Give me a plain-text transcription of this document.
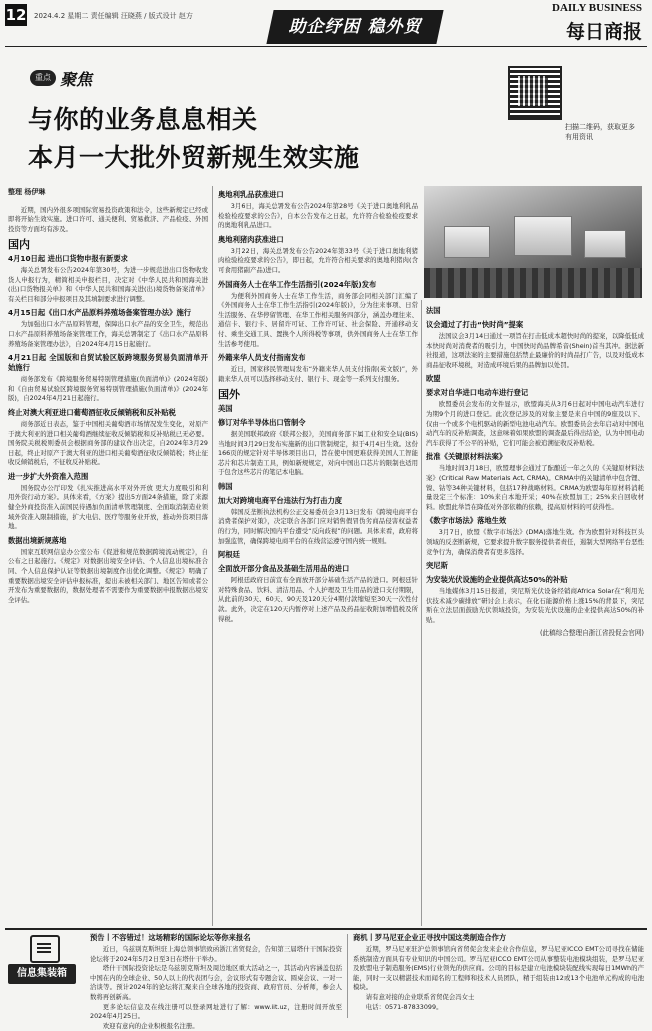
12 2024.4.2 星期二 责任编辑 汪晓燕 / 版式设计 赵方
助企纾困 稳外贸
DAILY BUSINESS
每日商报
重点 聚焦
与你的业务息息相关
本月一大批外贸新规生效实施
扫描二维码，获取更多有用资讯
整理 杨伊琳

近期，国内外很多项国际贸易投资政策和法令，这些新规定已经或即将开始生效实施。进口许可、通关便利、贸易救济、产品检疫、外国投资等方面均有涉及。

国内
4月10日起 进出口货物申报有新要求

海关总署发布公告2024年第30号，为进一步规范进出口货物收发货人申报行为，精简相关申报栏目，决定对《中华人民共和国海关进(出)口货物报关单》和《中华人民共和国海关进(出)境货物备案清单》有关栏目和部分申报项目及其填制要求进行调整。

4月15日起《出口水产品原料养殖场备案管理办法》施行

为加强出口水产品原料管理，保障出口水产品的安全卫生，规范出口水产品原料养殖场备案管理工作，海关总署制定了《出口水产品原料养殖场备案管理办法》，自2024年4月15日起施行。

4月21日起 全国版和自贸试验区版跨境服务贸易负面清单开始施行

商务部发布《跨境服务贸易特别管理措施(负面清单)》(2024年版)和《自由贸易试验区跨境服务贸易特别管理措施(负面清单)》(2024年版)，自2024年4月21日起施行。

终止对澳大利亚进口葡萄酒征收反倾销税和反补贴税

商务部近日表态，鉴于中国相关葡萄酒市场情况发生变化，对原产于澳大利亚的进口相关葡萄酒继续征收反倾销税和反补贴税已无必要。国务院关税税则委员会根据商务部的建议作出决定，自2024年3月29日起，终止对原产于澳大利亚的进口相关葡萄酒征收反倾销税；终止征收反倾销税后，不征收反补贴税。

进一步扩大外资准入范围

国务院办公厅印发《扎实推进高水平对外开放 更大力度吸引和利用外资行动方案》。具体来看，《方案》提出5方面24条措施，除了来源健全外商投资准入前国民待遇加负面清单管理制度、全面取消制造业领域外资准入限制措施，扩大电信、医疗等服务业开放，推动外资项目落地。

数据出境新规落地

国家互联网信息办公室公布《促进和规范数据跨境流动规定》，自公布之日起施行。《规定》对数据出境安全评估、个人信息出境标准合同、个人信息保护认证等数据出境制度作出优化调整。《规定》明确了重要数据出境安全评估申报标准，提出未被相关部门、地区告知或者公开发布为重要数据的，数据处理者不需要作为重要数据申报数据出境安全评估。

奥地利乳品获准进口

3月6日，海关总署发布公告2024年第28号《关于进口奥地利乳品检验检疫要求的公告》，自本公告发布之日起，允许符合检验检疫要求的奥地利乳品进口。

奥地利猪肉获准进口

3月22日，海关总署发布公告2024年第33号《关于进口奥地利猪肉检验检疫要求的公告》，即日起，允许符合相关要求的奥地利猪肉(含可食用猪副产品)进口。

外国商务人士在华工作生活指引(2024年版)发布

为便利外国商务人士在华工作生活，商务部会同相关部门汇编了《外国商务人士在华工作生活指引(2024年版)》，分为往来事项、日常生活服务、在华停留管理、在华工作相关服务四部分，涵盖办理往来、通信卡、银行卡、居留许可证、工作许可证、社会保险、开通移动支付、乘坐交通工具、置换个人所得税等事项，供外国商务人士在华工作生活参考使用。

外籍来华人员支付指南发布

近日，国家移民管理局发布“外籍来华人员支付指南(英文版)”，外籍来华人员可以选择移动支付、银行卡、现金等一系列支付服务。

国外
美国
修订对华半导体出口管制令

据美国联邦政府《联邦公报》，美国商务部下属工业和安全局(BIS)当地时间3月29日发布实施新的出口管制规定，拟于4月4日生效。这份166页的规定针对半导体项目出口，旨在使中国更难获得美国人工智能芯片和芯片制造工具，例如新规规定，对向中国出口芯片的限制也适用于包含这些芯片的笔记本电脑。

韩国
加大对跨境电商平台违法行为打击力度

韩国反垄断执法机构公正交易委员会3月13日发布《跨境电商平台消费者保护对策》，决定联合各部门应对销售假冒伪劣商品侵害权益者的行为，同时解决国内平台遭受“反向歧视”的问题。具体来看，政府将加强监管，确保跨境电商平台的在线营运遵守国内统一规则。

阿根廷
全面放开部分食品及基础生活用品的进口

阿根廷政府日前宣布全面放开部分基础生活产品的进口。阿根廷针对特殊食品、饮料、清洁用品、个人护理及卫生用品的进口支付期限，从此前的30天、60天、90天及120天分4期付款缩短至30天一次性付款。此外，决定在120天内暂停对上述产品及药品征收附加增值税及所得税。

法国
议会通过了打击“快时尚”提案

法国议会3月14日通过一项旨在打击低成本超快时尚的提案，以降低低成本快时尚对消费者的吸引力，中国快时尚品牌希音(Shein)首当其冲。据法新社报道，这项法案的主要措施包括禁止最廉价的时尚品打广告，以及对低成本商品征收环境税，对造成环境后果的品牌加以处罚。

欧盟
要求对自华进口电动车进行登记

欧盟委员会发布的文件显示，欧盟海关从3月6日起对中国电动汽车进行为期9个月的进口登记。此次登记涉及的对象主要是来自中国的9座及以下、仅由一个或多个电机驱动的新型电池电动汽车。欧盟委员会去年启动对中国电动汽车的反补贴调查，这意味着如果欧盟的调查最后得出结论，认为中国电动汽车获得了不公平的补贴，它们可能会被追溯征收反补贴税。

批准《关键原材料法案》

当地时间3月18日，欧盟理事会通过了酝酿近一年之久的《关键原材料法案》(Critical Raw Materials Act, CRMA)。CRMA中的关键清单中包含锂、镍、钴等34种关键材料，包括17种战略材料。CRMA为欧盟每年原材料消耗量设定三个标准：10%来自本地开采；40%在欧盟加工；25%来自回收材料。欧盟此举旨在降低对外部依赖的依赖，提高原材料的可获得性。

《数字市场法》落地生效

3月7日，欧盟《数字市场法》(DMA)落地生效。作为欧盟针对科技巨头领域的反垄断新规，它要求提升数字服务提供者责任，遏制大型网络平台恶性竞争行为，确保消费者有更多选择。

突尼斯
为安装光伏设施的企业提供高达50%的补贴

当地媒体3月15日报道，突尼斯光伏设备经销商Africa Solar在“利用光伏技术减少碳排放”研讨会上表示，在化石能源价格上涨15%的背景下，突尼斯在立法层面鼓励光伏领域投资，为安装光伏设施的企业提供高达50%的补贴。

(此稿综合整理自浙江省投促会官网)
信息集装箱
预告丨不容错过！这场精彩的国际论坛等你来报名

近日，乌兹别克斯坦驻上海总领事馆致函浙江省贸促会，告知第三届塔什干国际投资论坛将于2024年5月2日至3日在塔什干举办。

塔什干国际投资论坛是乌兹别克斯坦及周边地区重大活动之一，其活动内容涵盖包括中国在内的全球企业、50人以上的代表团与会，会议形式有专题会议、圆桌会议、一对一洽谈等。预计2024年的论坛将汇聚来自全球各地的投资商、政府官员、分析师，参会人数将再创新高。

更多论坛信息及在线注册可以登录网址进行了解：www.iit.uz，注册时间开放至2024年4月25日。

欢迎有意向的企业积极报名注册。

商机丨罗马尼亚企业正寻找中国这类制造合作方

近期，罗马尼亚驻沪总领事馆向省贸促会发来企业合作信息，罗马尼亚ICCO EMT公司寻找在储能系统制造方面具有专业知识的中国公司。罗马尼亚ICCO EMT公司从事整装电池模块组装，是罗马尼亚及欧盟电子制造服务(EMS)行业领先的供应商。公司的目标是建立电池模块装配线实现每日1MWh的产能，同时一支以精湛技术而闻名的工程师和技术人员团队，精于组装由12或13个电池单元构成的电池模块。

请有意对接的企业联系省贸促会冯女士

电话：0571-87833099。
